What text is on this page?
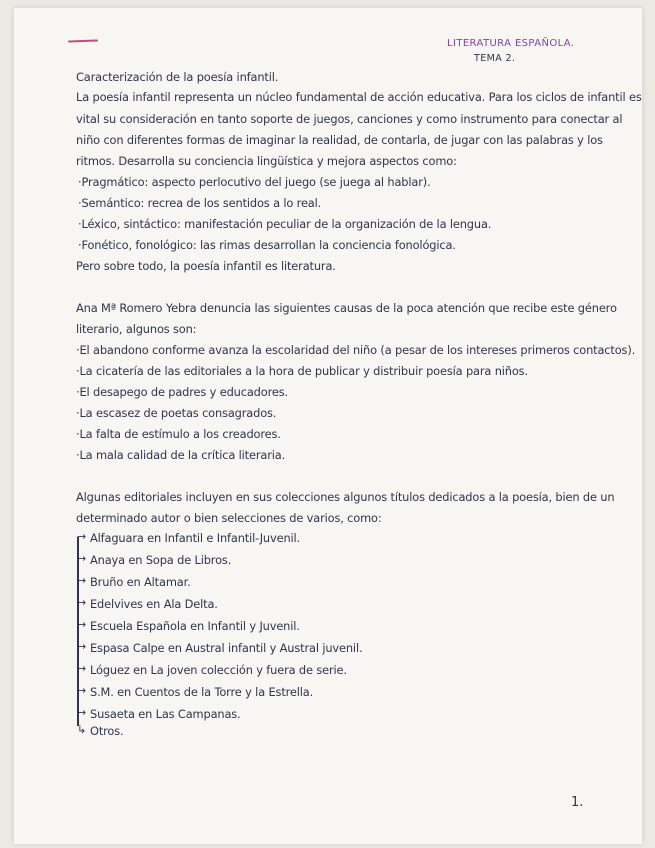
LITERATURA ESPAÑOLA.
TEMA 2.
Caracterización de la poesía infantil.
La poesía infantil representa un núcleo fundamental de acción educativa. Para los ciclos de infantil es
vital su consideración en tanto soporte de juegos, canciones y como instrumento para conectar al
niño con diferentes formas de imaginar la realidad, de contarla, de jugar con las palabras y los
ritmos. Desarrolla su conciencia lingüística y mejora aspectos como:
·Pragmático: aspecto perlocutivo del juego (se juega al hablar).
·Semántico: recrea de los sentidos a lo real.
·Léxico, sintáctico: manifestación peculiar de la organización de la lengua.
·Fonético, fonológico: las rimas desarrollan la conciencia fonológica.
Pero sobre todo, la poesía infantil es literatura.
Ana Mª Romero Yebra denuncia las siguientes causas de la poca atención que recibe este género
literario, algunos son:
·El abandono conforme avanza la escolaridad del niño (a pesar de los intereses primeros contactos).
·La cicatería de las editoriales a la hora de publicar y distribuir poesía para niños.
·El desapego de padres y educadores.
·La escasez de poetas consagrados.
·La falta de estímulo a los creadores.
·La mala calidad de la crítica literaria.
Algunas editoriales incluyen en sus colecciones algunos títulos dedicados a la poesía, bien de un
determinado autor o bien selecciones de varios, como:
→ Alfaguara en Infantil e Infantil-Juvenil.
→ Anaya en Sopa de Libros.
→ Bruño en Altamar.
→ Edelvives en Ala Delta.
→ Escuela Española en Infantil y Juvenil.
→ Espasa Calpe en Austral infantil y Austral juvenil.
→ Lóguez en La joven colección y fuera de serie.
→ S.M. en Cuentos de la Torre y la Estrella.
→ Susaeta en Las Campanas.
↳ Otros.
1.
